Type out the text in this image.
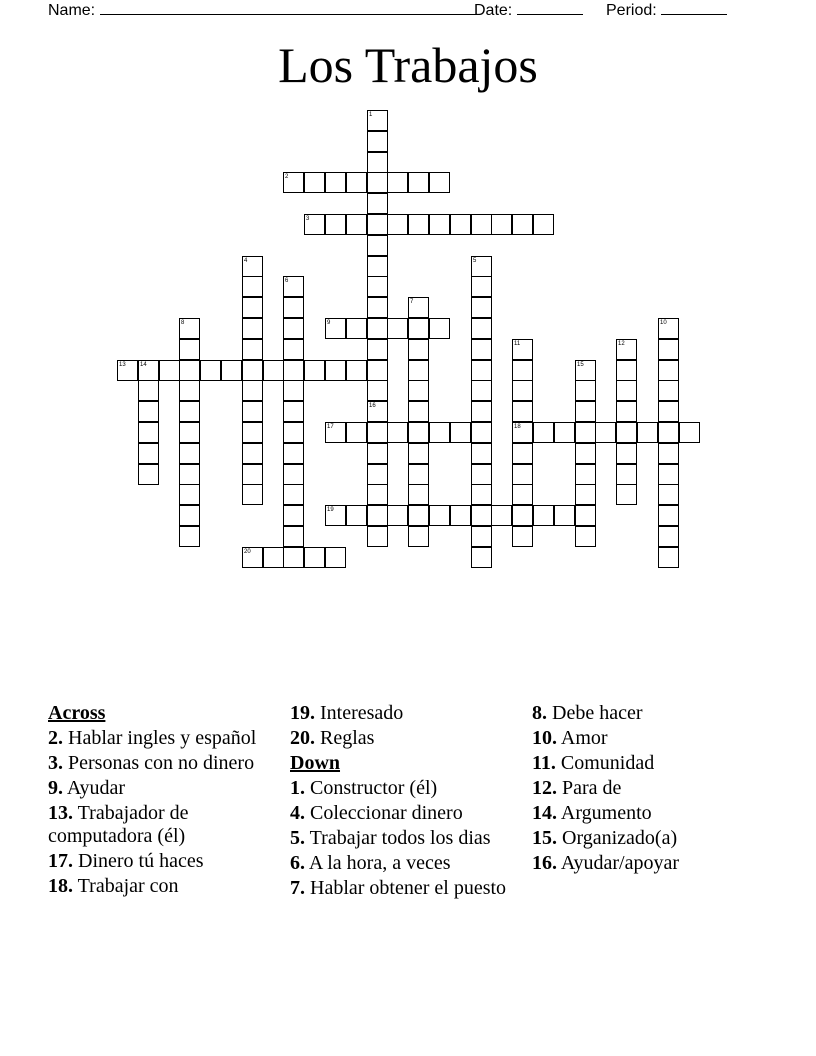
Name:	Date:	Period:
Los Trabajos
1
2
3
4	5
6
7
8	9	10
11	12
13 14	15
16
17	18
19
20
Across
2. Hablar ingles y español
3. Personas con no dinero
9. Ayudar
13. Trabajador de computadora (él)
17. Dinero tú haces
18. Trabajar con
19. Interesado
20. Reglas
Down
1. Constructor (él)
4. Coleccionar dinero
5. Trabajar todos los dias
6. A la hora, a veces
7. Hablar obtener el puesto
8. Debe hacer
10. Amor
11. Comunidad
12. Para de
14. Argumento
15. Organizado(a)
16. Ayudar/apoyar
